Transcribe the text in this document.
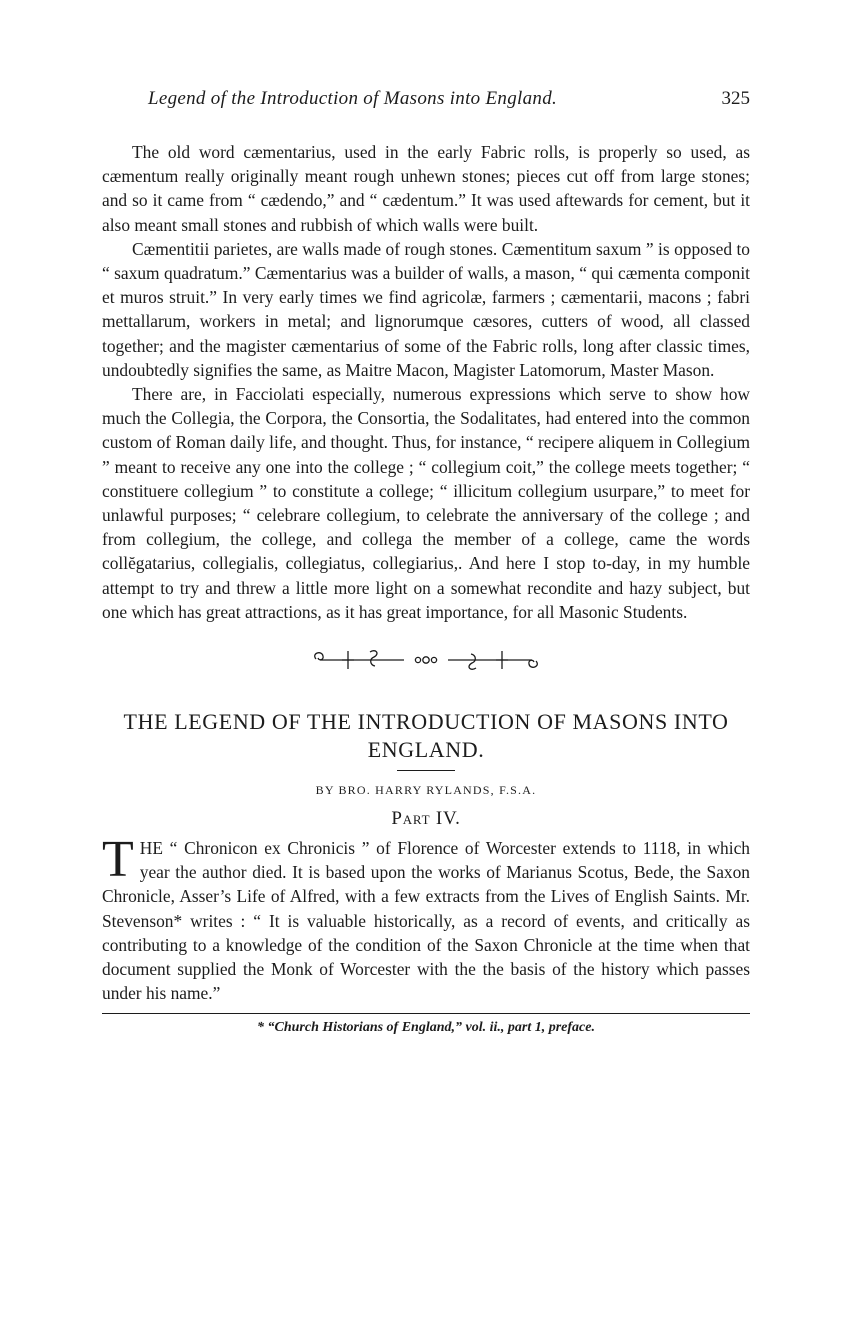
Legend of the Introduction of Masons into England.	325

The old word cæmentarius, used in the early Fabric rolls, is properly so used, as cæmentum really originally meant rough unhewn stones; pieces cut off from large stones; and so it came from “ cædendo,” and “ cædentum.” It was used aftewards for cement, but it also meant small stones and rubbish of which walls were built.

Cæmentitii parietes, are walls made of rough stones. Cæmentitum saxum ” is opposed to “ saxum quadratum.” Cæmentarius was a builder of walls, a mason, “ qui cæmenta componit et muros struit.” In very early times we find agricolæ, farmers ; cæmentarii, macons ; fabri mettallarum, workers in metal; and lignorumque cæsores, cutters of wood, all classed together; and the magister cæmentarius of some of the Fabric rolls, long after classic times, undoubtedly signifies the same, as Maitre Macon, Magister Latomorum, Master Mason.

There are, in Facciolati especially, numerous expressions which serve to show how much the Collegia, the Corpora, the Consortia, the Sodalitates, had entered into the common custom of Roman daily life, and thought. Thus, for instance, “ recipere aliquem in Collegium ” meant to receive any one into the college ; “ collegium coit,” the college meets together; “ constituere collegium ” to constitute a college; “ illicitum collegium usurpare,” to meet for unlawful purposes; “ celebrare collegium, to celebrate the anniversary of the college ; and from collegium, the college, and collega the member of a college, came the words collĕgatarius, collegialis, collegiatus, collegiarius,. And here I stop to-day, in my humble attempt to try and threw a little more light on a somewhat recondite and hazy subject, but one which has great attractions, as it has great importance, for all Masonic Students.

THE LEGEND OF THE INTRODUCTION OF MASONS INTO ENGLAND.
BY BRO. HARRY RYLANDS, F.S.A.
Part IV.

THE “ Chronicon ex Chronicis ” of Florence of Worcester extends to 1118, in which year the author died. It is based upon the works of Marianus Scotus, Bede, the Saxon Chronicle, Asser’s Life of Alfred, with a few extracts from the Lives of English Saints. Mr. Stevenson* writes : “ It is valuable historically, as a record of events, and critically as contributing to a knowledge of the condition of the Saxon Chronicle at the time when that document supplied the Monk of Worcester with the the basis of the history which passes under his name.”

* “Church Historians of England,” vol. ii., part 1, preface.
